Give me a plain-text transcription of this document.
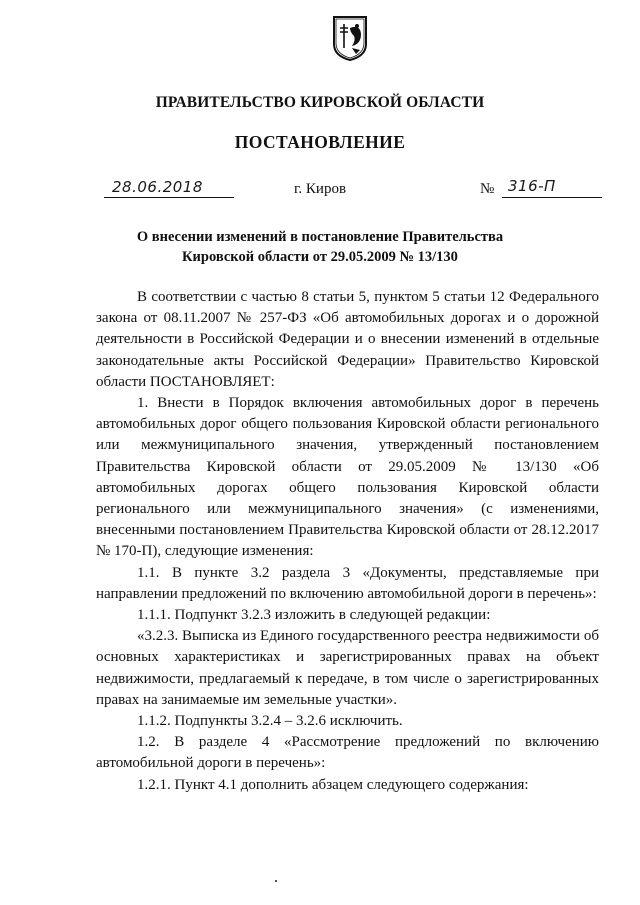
ПРАВИТЕЛЬСТВО КИРОВСКОЙ ОБЛАСТИ
ПОСТАНОВЛЕНИЕ
28.06.2018	г. Киров	№ 316-П
О внесении изменений в постановление Правительства
Кировской области от 29.05.2009 № 13/130

В соответствии с частью 8 статьи 5, пунктом 5 статьи 12 Федерального закона от 08.11.2007 № 257-ФЗ «Об автомобильных дорогах и о дорожной деятельности в Российской Федерации и о внесении изменений в отдельные законодательные акты Российской Федерации» Правительство Кировской области ПОСТАНОВЛЯЕТ:

1. Внести в Порядок включения автомобильных дорог в перечень автомобильных дорог общего пользования Кировской области регионального или межмуниципального значения, утвержденный постановлением Правительства Кировской области от 29.05.2009 № 13/130 «Об автомобильных дорогах общего пользования Кировской области регионального или межмуниципального значения» (с изменениями, внесенными постановлением Правительства Кировской области от 28.12.2017 № 170-П), следующие изменения:

1.1. В пункте 3.2 раздела 3 «Документы, представляемые при направлении предложений по включению автомобильной дороги в перечень»:

1.1.1. Подпункт 3.2.3 изложить в следующей редакции:

«3.2.3. Выписка из Единого государственного реестра недвижимости об основных характеристиках и зарегистрированных правах на объект недвижимости, предлагаемый к передаче, в том числе о зарегистрированных правах на занимаемые им земельные участки».

1.1.2. Подпункты 3.2.4 – 3.2.6 исключить.

1.2. В разделе 4 «Рассмотрение предложений по включению автомобильной дороги в перечень»:

1.2.1. Пункт 4.1 дополнить абзацем следующего содержания:
